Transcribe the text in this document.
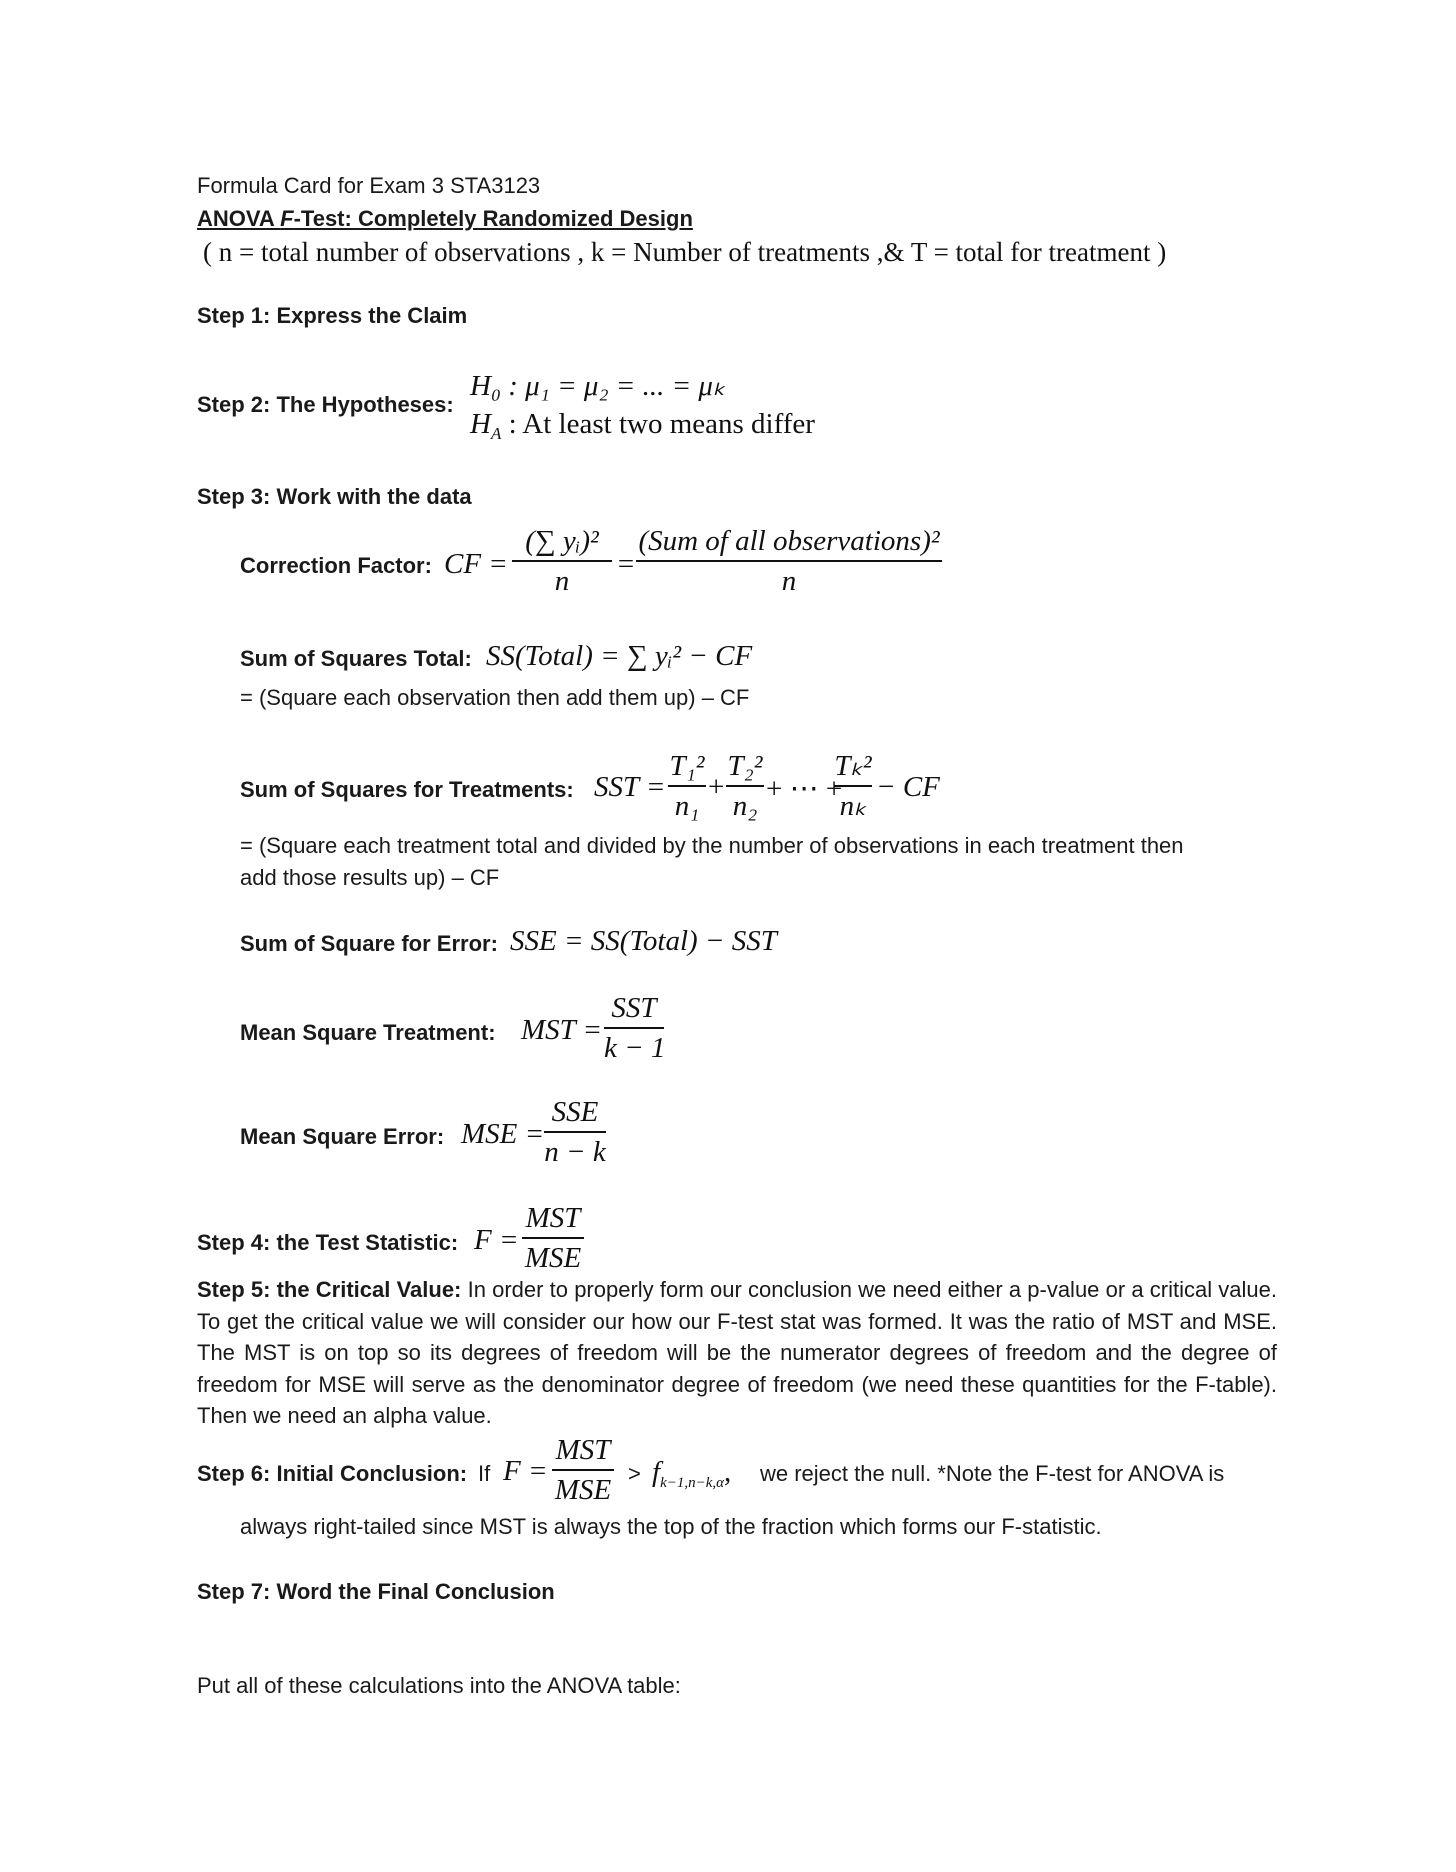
Formula Card for Exam 3 STA3123
ANOVA F-Test: Completely Randomized Design
( n = total number of observations , k = Number of treatments ,& T = total for treatment )
Step 1: Express the Claim
Step 2: The Hypotheses:
H₀ : μ₁ = μ₂ = ... = μₖ
$H_A$ : At least two means differ
Step 3: Work with the data
Correction Factor: CF =
(∑ yᵢ)²
n
=
(Sum of all observations)²
n
Sum of Squares Total: SS(Total) = ∑ yᵢ² − CF
= (Square each observation then add them up) – CF
Sum of Squares for Treatments: SST =
T₁²
n₁
+
T₂²
n₂
+ ⋯ +
Tₖ²
nₖ
− CF
= (Square each treatment total and divided by the number of observations in each treatment then
add those results up) – CF
Sum of Square for Error: SSE = SS(Total) − SST
Mean Square Treatment: MST =
SST
k − 1
Mean Square Error: MSE =
SSE
n − k
Step 4: the Test Statistic: F =
MST
MSE
Step 5: the Critical Value: In order to properly form our conclusion we need either a p-value or a critical value. To get the critical value we will consider our how our F-test stat was formed. It was the ratio of MST and MSE. The MST is on top so its degrees of freedom will be the numerator degrees of freedom and the degree of freedom for MSE will serve as the denominator degree of freedom (we need these quantities for the F-table). Then we need an alpha value.
Step 6: Initial Conclusion: If F =
MST
MSE
> $f_{k-1,n-k,\alpha}$, we reject the null. *Note the F-test for ANOVA is
always right-tailed since MST is always the top of the fraction which forms our F-statistic.
Step 7: Word the Final Conclusion
Put all of these calculations into the ANOVA table:
